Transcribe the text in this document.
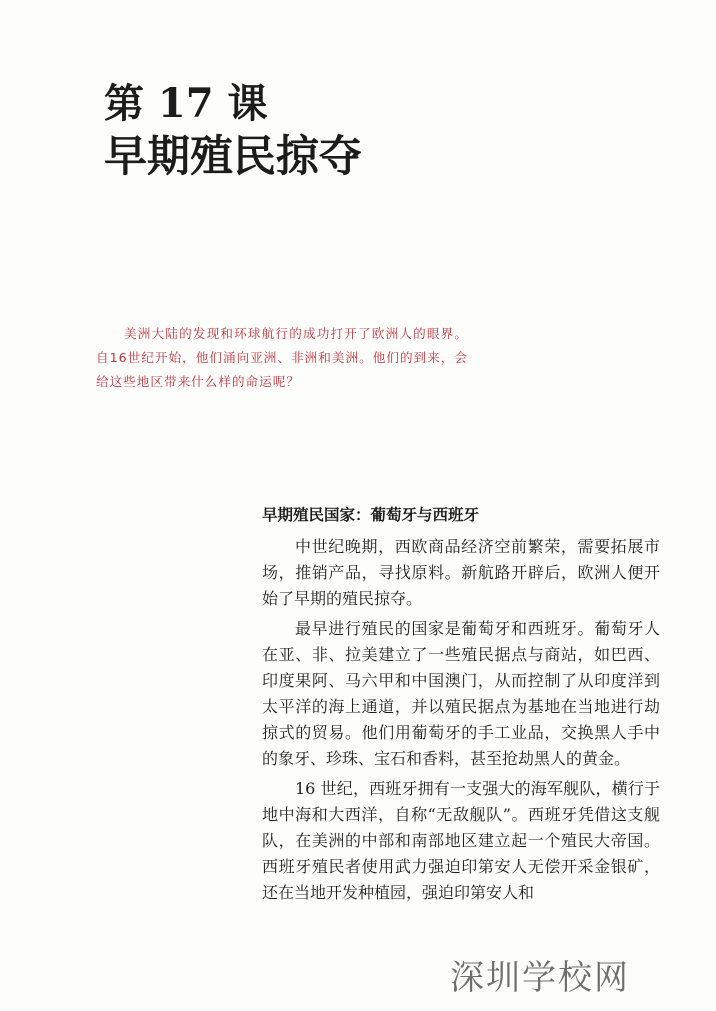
第 17 课
早期殖民掠夺
美洲大陆的发现和环球航行的成功打开了欧洲人的眼界。自16世纪开始，他们涌向亚洲、非洲和美洲。他们的到来，会给这些地区带来什么样的命运呢？
早期殖民国家：葡萄牙与西班牙

中世纪晚期，西欧商品经济空前繁荣，需要拓展市场，推销产品，寻找原料。新航路开辟后，欧洲人便开始了早期的殖民掠夺。

最早进行殖民的国家是葡萄牙和西班牙。葡萄牙人在亚、非、拉美建立了一些殖民据点与商站，如巴西、印度果阿、马六甲和中国澳门，从而控制了从印度洋到太平洋的海上通道，并以殖民据点为基地在当地进行劫掠式的贸易。他们用葡萄牙的手工业品，交换黑人手中的象牙、珍珠、宝石和香料，甚至抢劫黑人的黄金。

16 世纪，西班牙拥有一支强大的海军舰队，横行于地中海和大西洋，自称“无敌舰队”。西班牙凭借这支舰队，在美洲的中部和南部地区建立起一个殖民大帝国。西班牙殖民者使用武力强迫印第安人无偿开采金银矿，还在当地开发种植园，强迫印第安人和

深圳学校网
